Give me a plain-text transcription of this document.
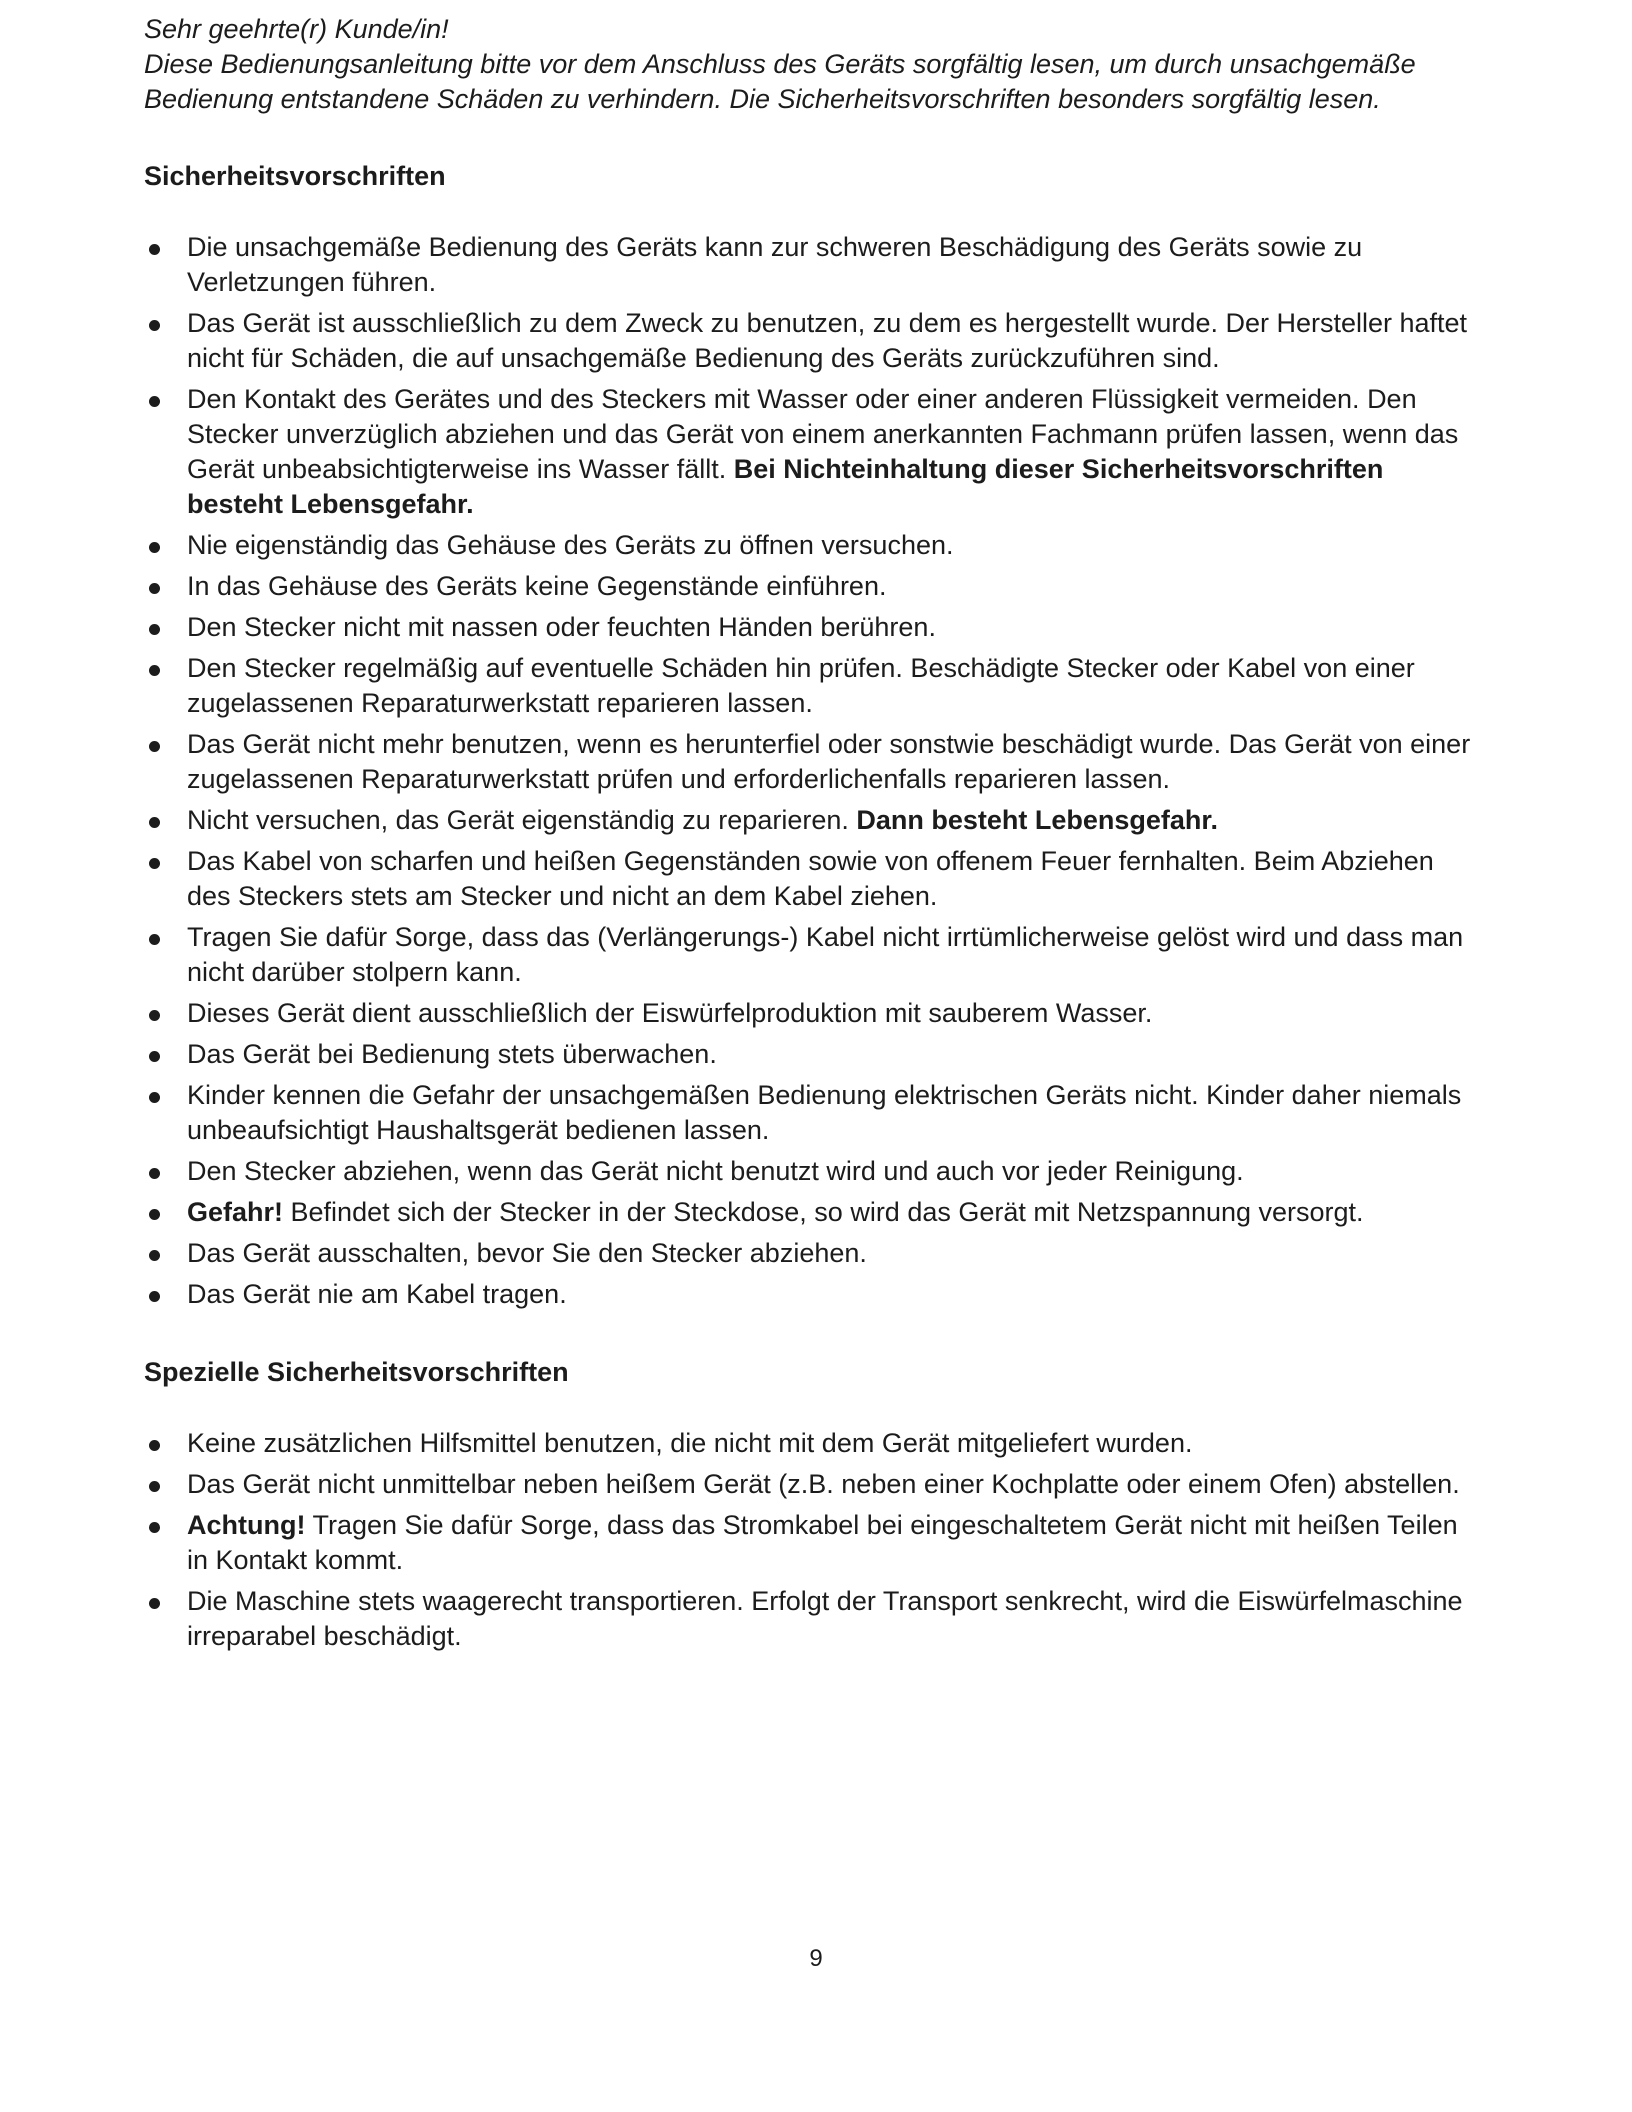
Sehr geehrte(r) Kunde/in!

Diese Bedienungsanleitung bitte vor dem Anschluss des Geräts sorgfältig lesen, um durch unsachgemäße Bedienung entstandene Schäden zu verhindern. Die Sicherheitsvorschriften besonders sorgfältig lesen.

Sicherheitsvorschriften
Die unsachgemäße Bedienung des Geräts kann zur schweren Beschädigung des Geräts sowie zu Verletzungen führen.
Das Gerät ist ausschließlich zu dem Zweck zu benutzen, zu dem es hergestellt wurde. Der Hersteller haftet nicht für Schäden, die auf unsachgemäße Bedienung des Geräts zurückzuführen sind.
Den Kontakt des Gerätes und des Steckers mit Wasser oder einer anderen Flüssigkeit vermeiden. Den Stecker unverzüglich abziehen und das Gerät von einem anerkannten Fachmann prüfen lassen, wenn das Gerät unbeabsichtigterweise ins Wasser fällt. Bei Nichteinhaltung dieser Sicherheitsvorschriften besteht Lebensgefahr.
Nie eigenständig das Gehäuse des Geräts zu öffnen versuchen.
In das Gehäuse des Geräts keine Gegenstände einführen.
Den Stecker nicht mit nassen oder feuchten Händen berühren.
Den Stecker regelmäßig auf eventuelle Schäden hin prüfen. Beschädigte Stecker oder Kabel von einer zugelassenen Reparaturwerkstatt reparieren lassen.
Das Gerät nicht mehr benutzen, wenn es herunterfiel oder sonstwie beschädigt wurde. Das Gerät von einer zugelassenen Reparaturwerkstatt prüfen und erforderlichenfalls reparieren lassen.
Nicht versuchen, das Gerät eigenständig zu reparieren. Dann besteht Lebensgefahr.
Das Kabel von scharfen und heißen Gegenständen sowie von offenem Feuer fernhalten. Beim Abziehen des Steckers stets am Stecker und nicht an dem Kabel ziehen.
Tragen Sie dafür Sorge, dass das (Verlängerungs-) Kabel nicht irrtümlicherweise gelöst wird und dass man nicht darüber stolpern kann.
Dieses Gerät dient ausschließlich der Eiswürfelproduktion mit sauberem Wasser.
Das Gerät bei Bedienung stets überwachen.
Kinder kennen die Gefahr der unsachgemäßen Bedienung elektrischen Geräts nicht. Kinder daher niemals unbeaufsichtigt Haushaltsgerät bedienen lassen.
Den Stecker abziehen, wenn das Gerät nicht benutzt wird und auch vor jeder Reinigung.
Gefahr! Befindet sich der Stecker in der Steckdose, so wird das Gerät mit Netzspannung versorgt.
Das Gerät ausschalten, bevor Sie den Stecker abziehen.
Das Gerät nie am Kabel tragen.
Spezielle Sicherheitsvorschriften
Keine zusätzlichen Hilfsmittel benutzen, die nicht mit dem Gerät mitgeliefert wurden.
Das Gerät nicht unmittelbar neben heißem Gerät (z.B. neben einer Kochplatte oder einem Ofen) abstellen.
Achtung! Tragen Sie dafür Sorge, dass das Stromkabel bei eingeschaltetem Gerät nicht mit heißen Teilen in Kontakt kommt.
Die Maschine stets waagerecht transportieren. Erfolgt der Transport senkrecht, wird die Eiswürfelmaschine irreparabel beschädigt.
9
